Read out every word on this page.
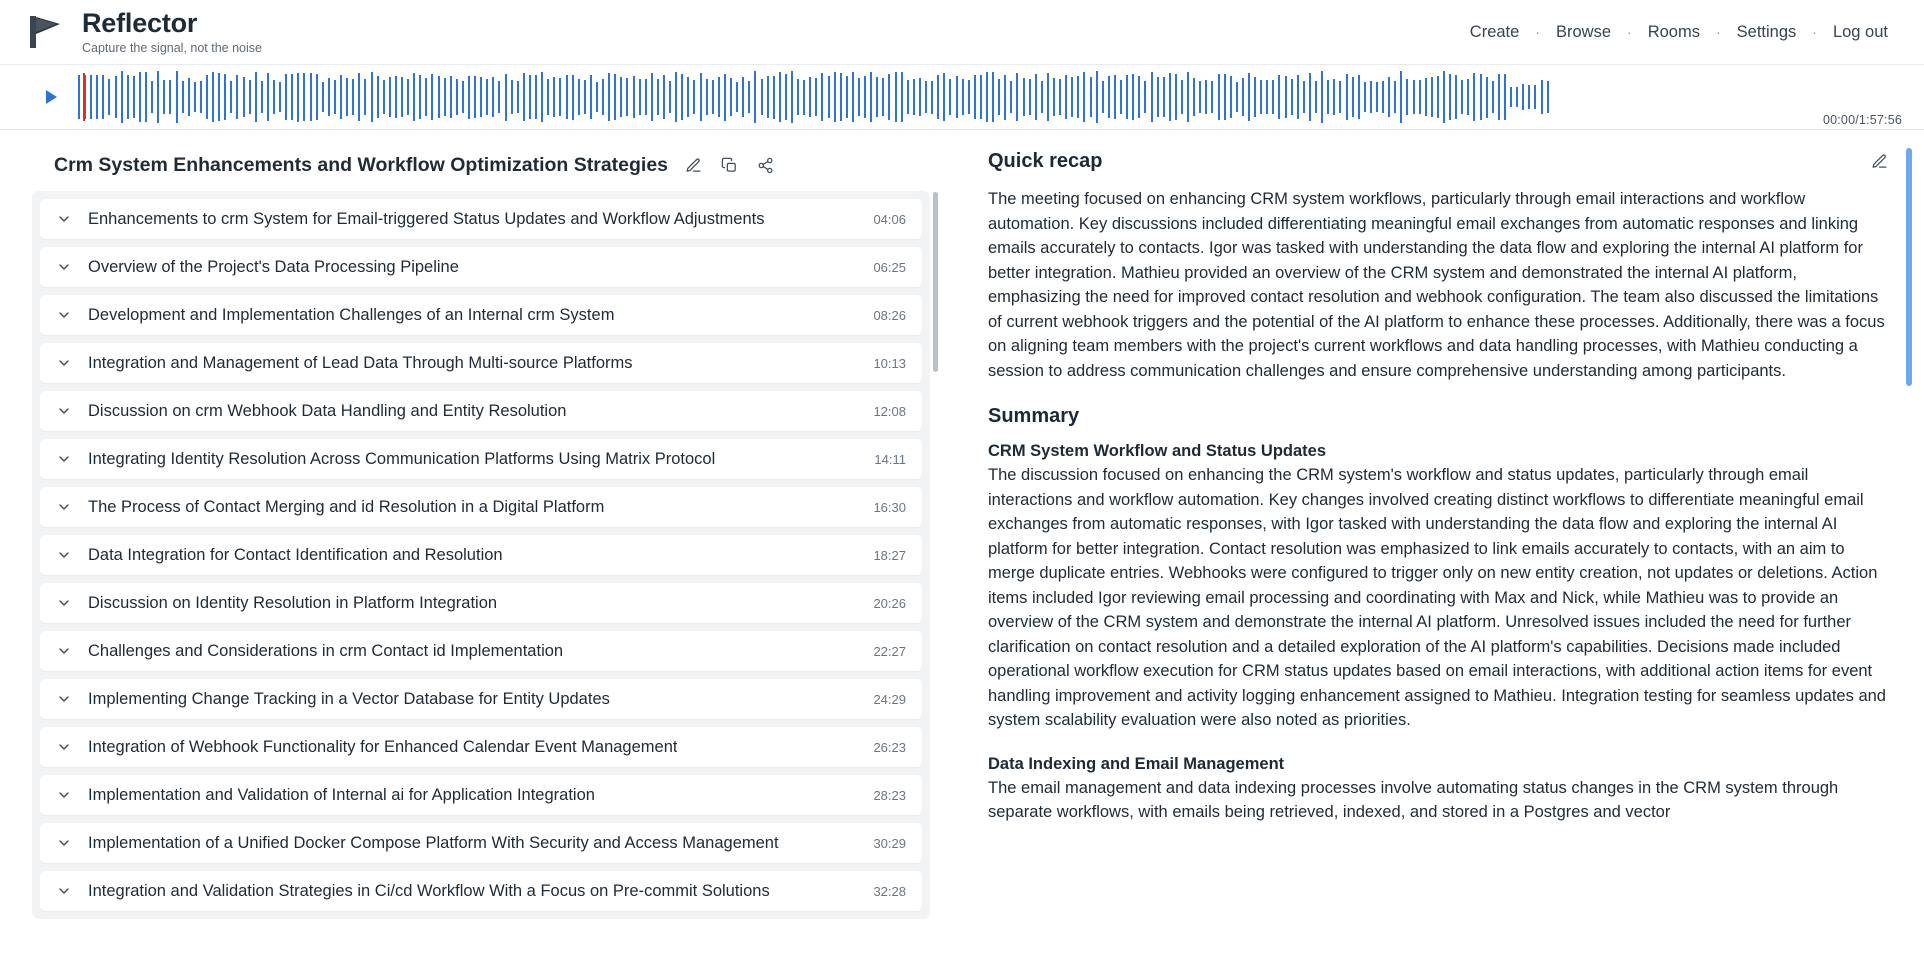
Reflector
Capture the signal, not the noise
Create	· Browse	· Rooms	· Settings	· Log out
00:00/1:57:56
Crm System Enhancements and Workflow Optimization Strategies
Enhancements to crm System for Email-triggered Status Updates and Workflow Adjustments	04:06
Overview of the Project's Data Processing Pipeline	06:25
Development and Implementation Challenges of an Internal crm System	08:26
Integration and Management of Lead Data Through Multi-source Platforms	10:13
Discussion on crm Webhook Data Handling and Entity Resolution	12:08
Integrating Identity Resolution Across Communication Platforms Using Matrix Protocol	14:11
The Process of Contact Merging and id Resolution in a Digital Platform	16:30
Data Integration for Contact Identification and Resolution	18:27
Discussion on Identity Resolution in Platform Integration	20:26
Challenges and Considerations in crm Contact id Implementation	22:27
Implementing Change Tracking in a Vector Database for Entity Updates	24:29
Integration of Webhook Functionality for Enhanced Calendar Event Management	26:23
Implementation and Validation of Internal ai for Application Integration	28:23
Implementation of a Unified Docker Compose Platform With Security and Access Management	30:29
Integration and Validation Strategies in Ci/cd Workflow With a Focus on Pre-commit Solutions	32:28
Quick recap

The meeting focused on enhancing CRM system workflows, particularly through email interactions and workflow automation. Key discussions included differentiating meaningful email exchanges from automatic responses and linking emails accurately to contacts. Igor was tasked with understanding the data flow and exploring the internal AI platform for better integration. Mathieu provided an overview of the CRM system and demonstrated the internal AI platform, emphasizing the need for improved contact resolution and webhook configuration. The team also discussed the limitations of current webhook triggers and the potential of the AI platform to enhance these processes. Additionally, there was a focus on aligning team members with the project's current workflows and data handling processes, with Mathieu conducting a session to address communication challenges and ensure comprehensive understanding among participants.

Summary
CRM System Workflow and Status Updates

The discussion focused on enhancing the CRM system's workflow and status updates, particularly through email interactions and workflow automation. Key changes involved creating distinct workflows to differentiate meaningful email exchanges from automatic responses, with Igor tasked with understanding the data flow and exploring the internal AI platform for better integration. Contact resolution was emphasized to link emails accurately to contacts, with an aim to merge duplicate entries. Webhooks were configured to trigger only on new entity creation, not updates or deletions. Action items included Igor reviewing email processing and coordinating with Max and Nick, while Mathieu was to provide an overview of the CRM system and demonstrate the internal AI platform. Unresolved issues included the need for further clarification on contact resolution and a detailed exploration of the AI platform's capabilities. Decisions made included operational workflow execution for CRM status updates based on email interactions, with additional action items for event handling improvement and activity logging enhancement assigned to Mathieu. Integration testing for seamless updates and system scalability evaluation were also noted as priorities.

Data Indexing and Email Management

The email management and data indexing processes involve automating status changes in the CRM system through separate workflows, with emails being retrieved, indexed, and stored in a Postgres and vector
